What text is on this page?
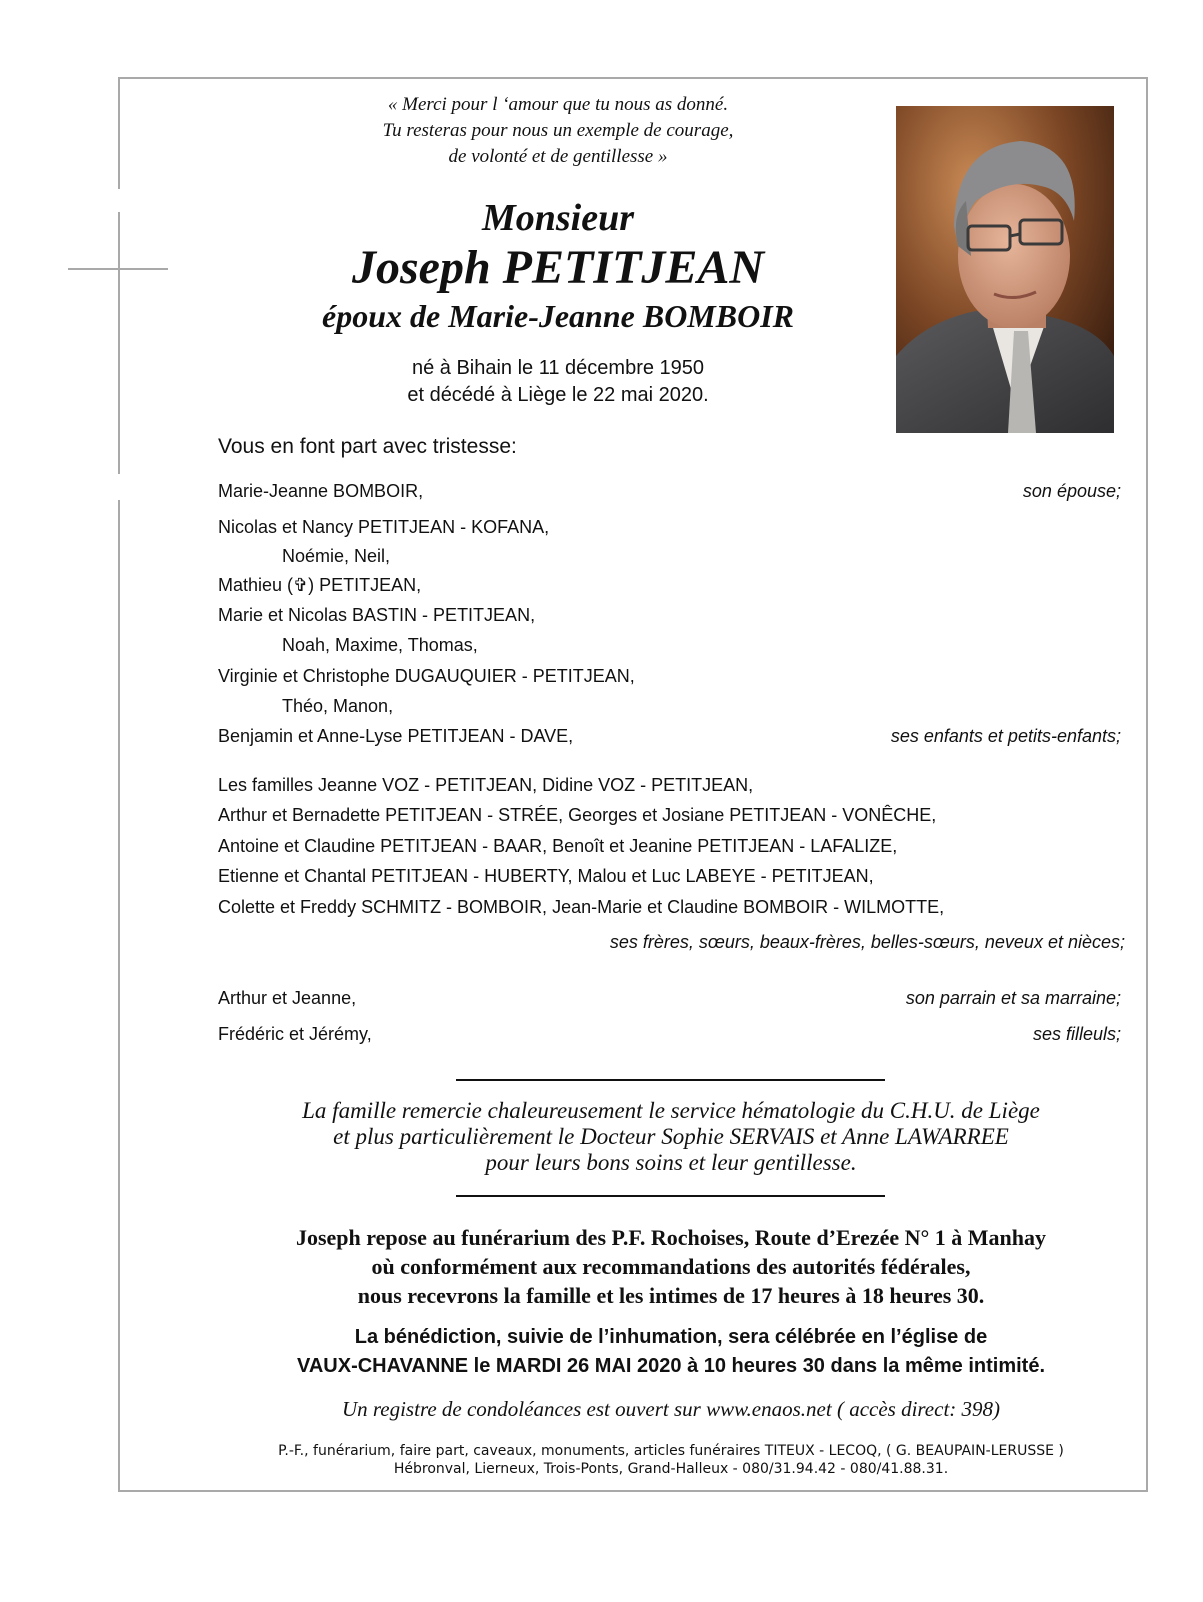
« Merci pour l ‘amour que tu nous as donné.
Tu resteras pour nous un exemple de courage,
de volonté et de gentillesse »
Monsieur
Joseph PETITJEAN
époux de Marie-Jeanne BOMBOIR
né à Bihain le 11 décembre 1950
et décédé à Liège le 22 mai 2020.
Vous en font part avec tristesse:
Marie-Jeanne BOMBOIR,	son épouse;
Nicolas et Nancy PETITJEAN - KOFANA,
Noémie, Neil,
Mathieu (✞) PETITJEAN,
Marie et Nicolas BASTIN - PETITJEAN,
Noah, Maxime, Thomas,
Virginie et Christophe DUGAUQUIER - PETITJEAN,
Théo, Manon,
Benjamin et Anne-Lyse PETITJEAN - DAVE,	ses enfants et petits-enfants;
Les familles Jeanne VOZ - PETITJEAN, Didine VOZ - PETITJEAN,
Arthur et Bernadette PETITJEAN - STRÉE, Georges et Josiane PETITJEAN - VONÊCHE,
Antoine et Claudine PETITJEAN - BAAR, Benoît et Jeanine PETITJEAN - LAFALIZE,
Etienne et Chantal PETITJEAN - HUBERTY, Malou et Luc LABEYE - PETITJEAN,
Colette et Freddy SCHMITZ - BOMBOIR, Jean-Marie et Claudine BOMBOIR - WILMOTTE,
ses frères, sœurs, beaux-frères, belles-sœurs, neveux et nièces;
Arthur et Jeanne,	son parrain et sa marraine;
Frédéric et Jérémy,	ses filleuls;
La famille remercie chaleureusement le service hématologie du C.H.U. de Liège
et plus particulièrement le Docteur Sophie SERVAIS et Anne LAWARREE
pour leurs bons soins et leur gentillesse.
Joseph repose au funérarium des P.F. Rochoises, Route d’Erezée N° 1 à Manhay
où conformément aux recommandations des autorités fédérales,
nous recevrons la famille et les intimes de 17 heures à 18 heures 30.
La bénédiction, suivie de l’inhumation, sera célébrée en l’église de
VAUX-CHAVANNE le MARDI 26 MAI 2020 à 10 heures 30 dans la même intimité.
Un registre de condoléances est ouvert sur www.enaos.net ( accès direct: 398)
P.-F., funérarium, faire part, caveaux, monuments, articles funéraires TITEUX - LECOQ, ( G. BEAUPAIN-LERUSSE )
Hébronval, Lierneux, Trois-Ponts, Grand-Halleux - 080/31.94.42 - 080/41.88.31.
